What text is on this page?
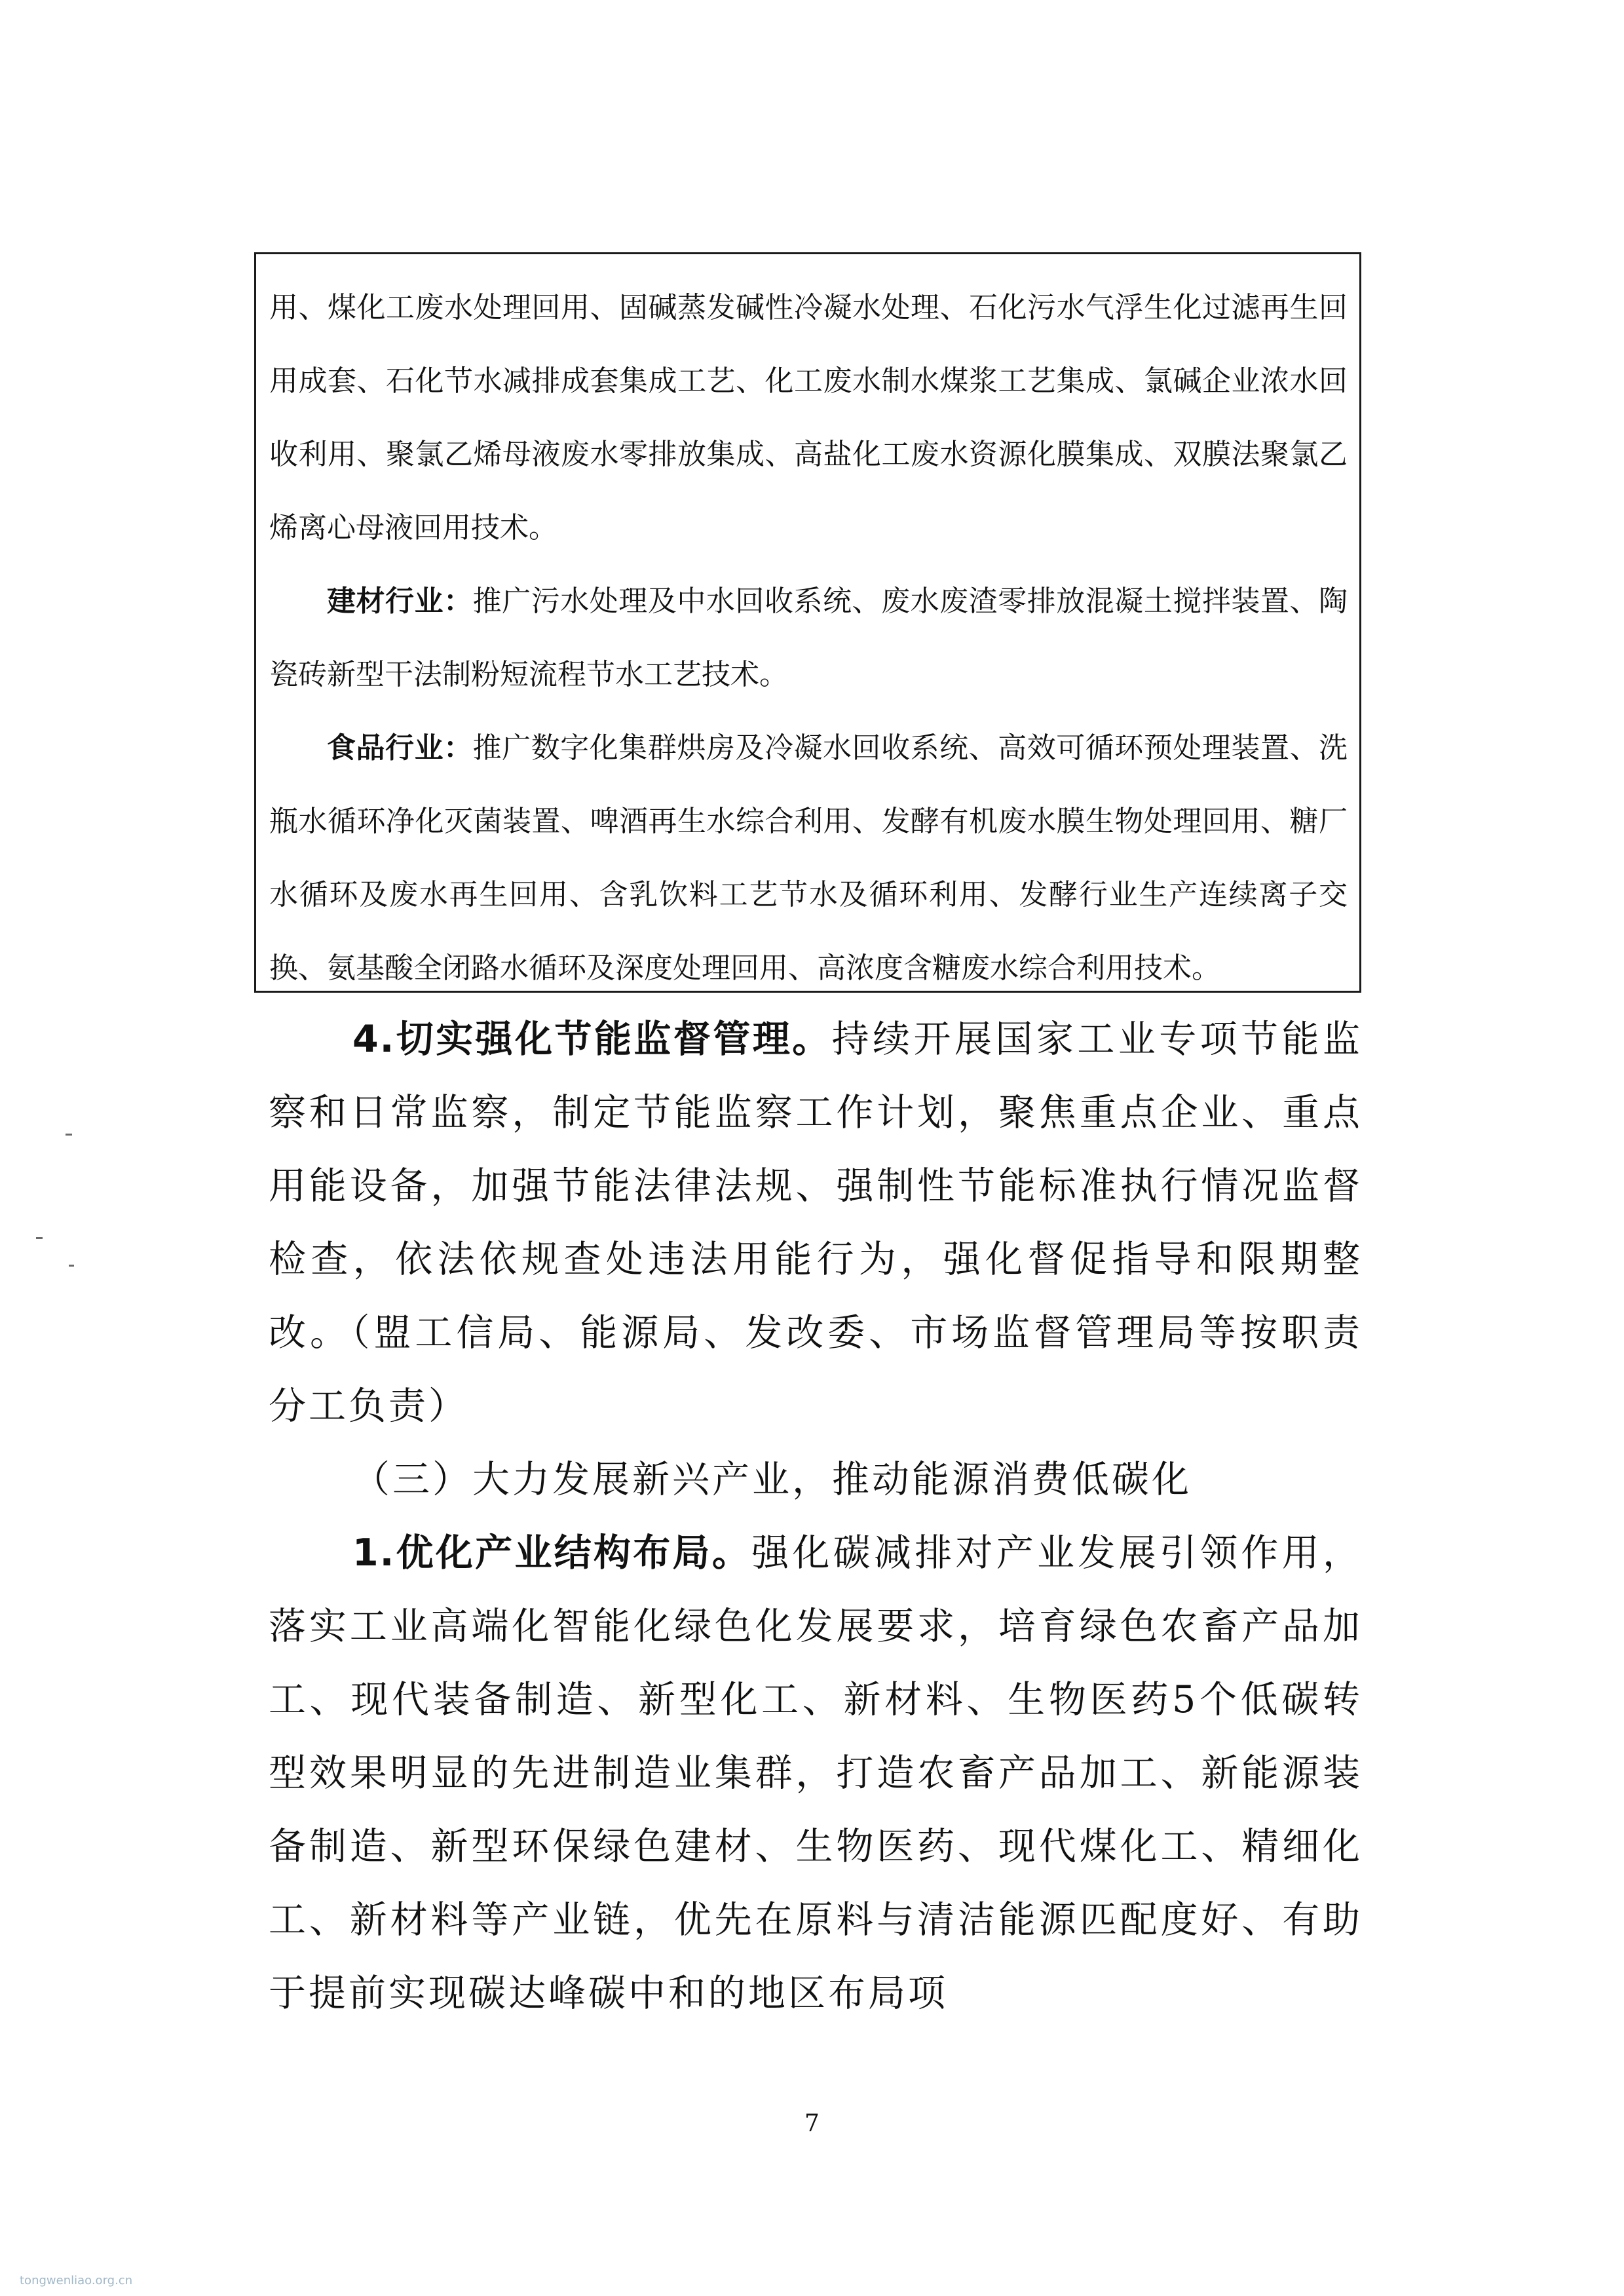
用、煤化工废水处理回用、固碱蒸发碱性冷凝水处理、石化污水气浮生化过滤再生回用成套、石化节水减排成套集成工艺、化工废水制水煤浆工艺集成、氯碱企业浓水回收利用、聚氯乙烯母液废水零排放集成、高盐化工废水资源化膜集成、双膜法聚氯乙烯离心母液回用技术。

建材行业：推广污水处理及中水回收系统、废水废渣零排放混凝土搅拌装置、陶瓷砖新型干法制粉短流程节水工艺技术。

食品行业：推广数字化集群烘房及冷凝水回收系统、高效可循环预处理装置、洗瓶水循环净化灭菌装置、啤酒再生水综合利用、发酵有机废水膜生物处理回用、糖厂水循环及废水再生回用、含乳饮料工艺节水及循环利用、发酵行业生产连续离子交换、氨基酸全闭路水循环及深度处理回用、高浓度含糖废水综合利用技术。

4.切实强化节能监督管理。持续开展国家工业专项节能监察和日常监察，制定节能监察工作计划，聚焦重点企业、重点用能设备，加强节能法律法规、强制性节能标准执行情况监督检查，依法依规查处违法用能行为，强化督促指导和限期整改。（盟工信局、能源局、发改委、市场监督管理局等按职责分工负责）

（三）大力发展新兴产业，推动能源消费低碳化

1.优化产业结构布局。强化碳减排对产业发展引领作用，落实工业高端化智能化绿色化发展要求，培育绿色农畜产品加工、现代装备制造、新型化工、新材料、生物医药5个低碳转型效果明显的先进制造业集群，打造农畜产品加工、新能源装备制造、新型环保绿色建材、生物医药、现代煤化工、精细化工、新材料等产业链，优先在原料与清洁能源匹配度好、有助于提前实现碳达峰碳中和的地区布局项

7
tongwenliao.org.cn
